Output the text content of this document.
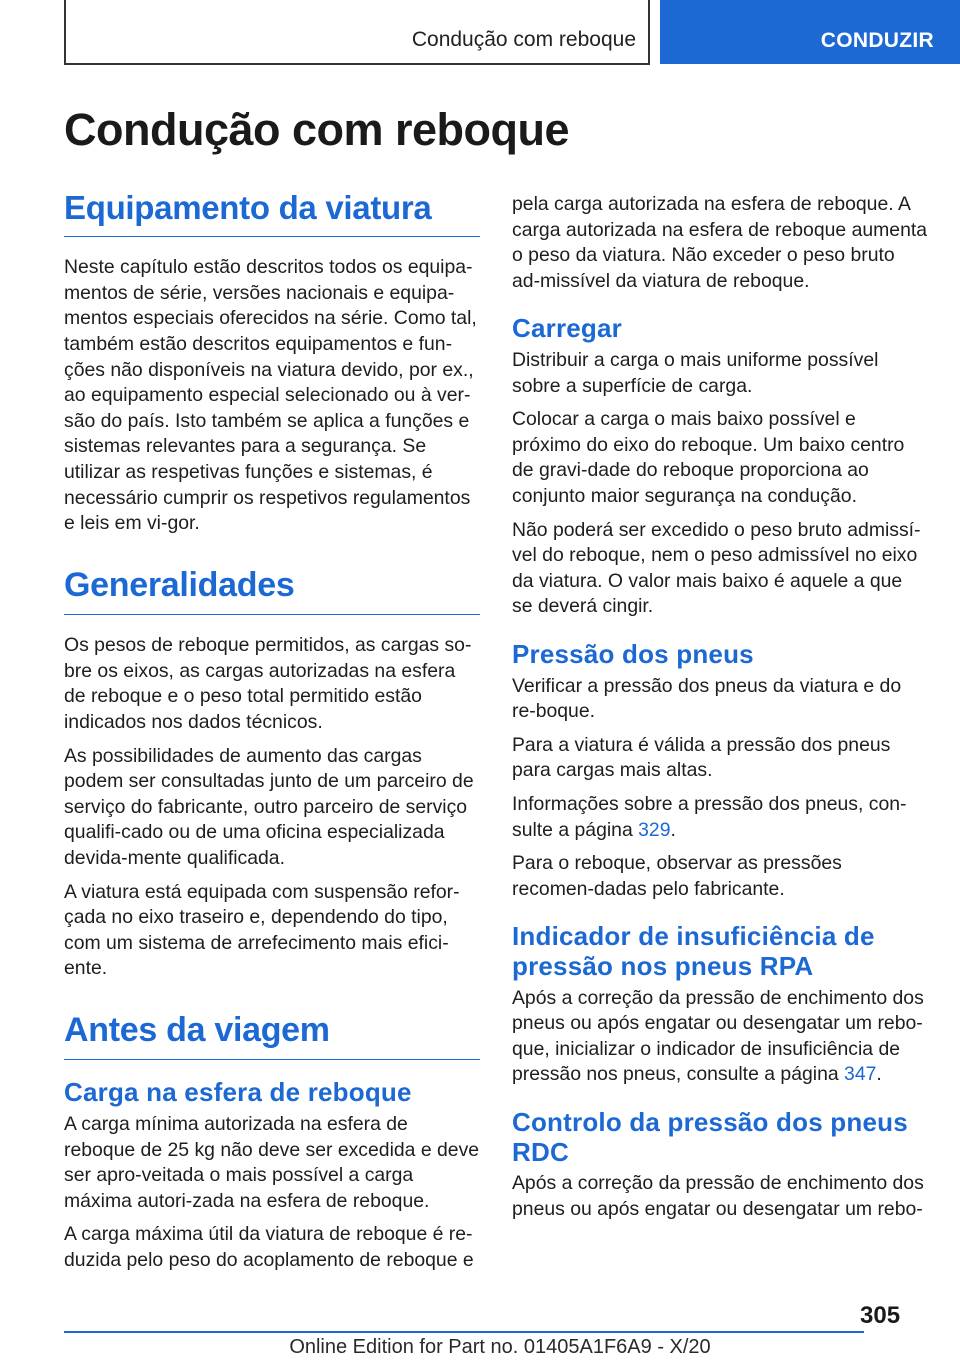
Condução com reboque	CONDUZIR
Condução com reboque
Equipamento da viatura

Neste capítulo estão descritos todos os equipa-mentos de série, versões nacionais e equipa-mentos especiais oferecidos na série. Como tal, também estão descritos equipamentos e fun-ções não disponíveis na viatura devido, por ex., ao equipamento especial selecionado ou à ver-são do país. Isto também se aplica a funções e sistemas relevantes para a segurança. Se utilizar as respetivas funções e sistemas, é necessário cumprir os respetivos regulamentos e leis em vi-gor.

Generalidades

Os pesos de reboque permitidos, as cargas so-bre os eixos, as cargas autorizadas na esfera de reboque e o peso total permitido estão indicados nos dados técnicos.

As possibilidades de aumento das cargas podem ser consultadas junto de um parceiro de serviço do fabricante, outro parceiro de serviço qualifi-cado ou de uma oficina especializada devida-mente qualificada.

A viatura está equipada com suspensão refor-çada no eixo traseiro e, dependendo do tipo, com um sistema de arrefecimento mais efici-ente.

Antes da viagem
Carga na esfera de reboque

A carga mínima autorizada na esfera de reboque de 25 kg não deve ser excedida e deve ser apro-veitada o mais possível a carga máxima autori-zada na esfera de reboque.

A carga máxima útil da viatura de reboque é re-duzida pelo peso do acoplamento de reboque e

pela carga autorizada na esfera de reboque. A carga autorizada na esfera de reboque aumenta o peso da viatura. Não exceder o peso bruto ad-missível da viatura de reboque.

Carregar

Distribuir a carga o mais uniforme possível sobre a superfície de carga.

Colocar a carga o mais baixo possível e próximo do eixo do reboque. Um baixo centro de gravi-dade do reboque proporciona ao conjunto maior segurança na condução.

Não poderá ser excedido o peso bruto admissí-vel do reboque, nem o peso admissível no eixo da viatura. O valor mais baixo é aquele a que se deverá cingir.

Pressão dos pneus

Verificar a pressão dos pneus da viatura e do re-boque.

Para a viatura é válida a pressão dos pneus para cargas mais altas.

Informações sobre a pressão dos pneus, con-sulte a página 329.

Para o reboque, observar as pressões recomen-dadas pelo fabricante.

Indicador de insuficiência de pressão nos pneus RPA

Após a correção da pressão de enchimento dos pneus ou após engatar ou desengatar um rebo-que, inicializar o indicador de insuficiência de pressão nos pneus, consulte a página 347.

Controlo da pressão dos pneus RDC

Após a correção da pressão de enchimento dos pneus ou após engatar ou desengatar um rebo-

305
Online Edition for Part no. 01405A1F6A9 - X/20
